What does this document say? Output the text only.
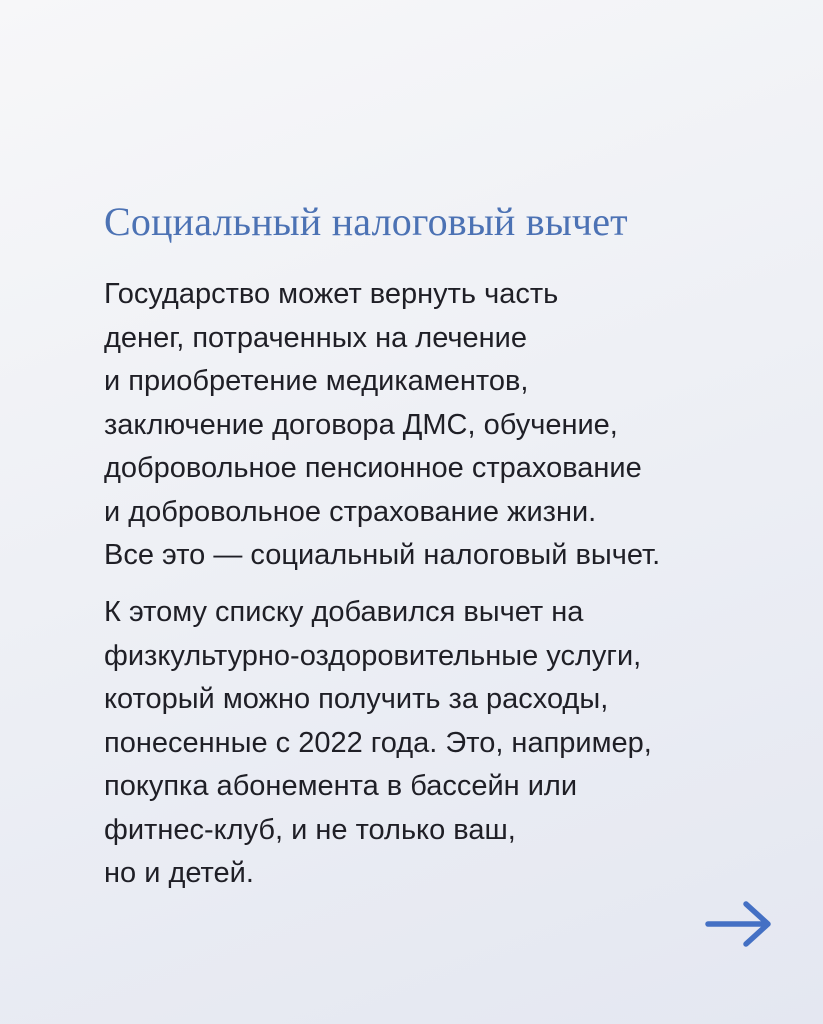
Социальный налоговый вычет

Государство может вернуть часть
денег, потраченных на лечение
и приобретение медикаментов,
заключение договора ДМС, обучение,
добровольное пенсионное страхование
и добровольное страхование жизни.
Все это — социальный налоговый вычет.

К этому списку добавился вычет на
физкультурно-оздоровительные услуги,
который можно получить за расходы,
понесенные с 2022 года. Это, например,
покупка абонемента в бассейн или
фитнес-клуб, и не только ваш,
но и детей.
